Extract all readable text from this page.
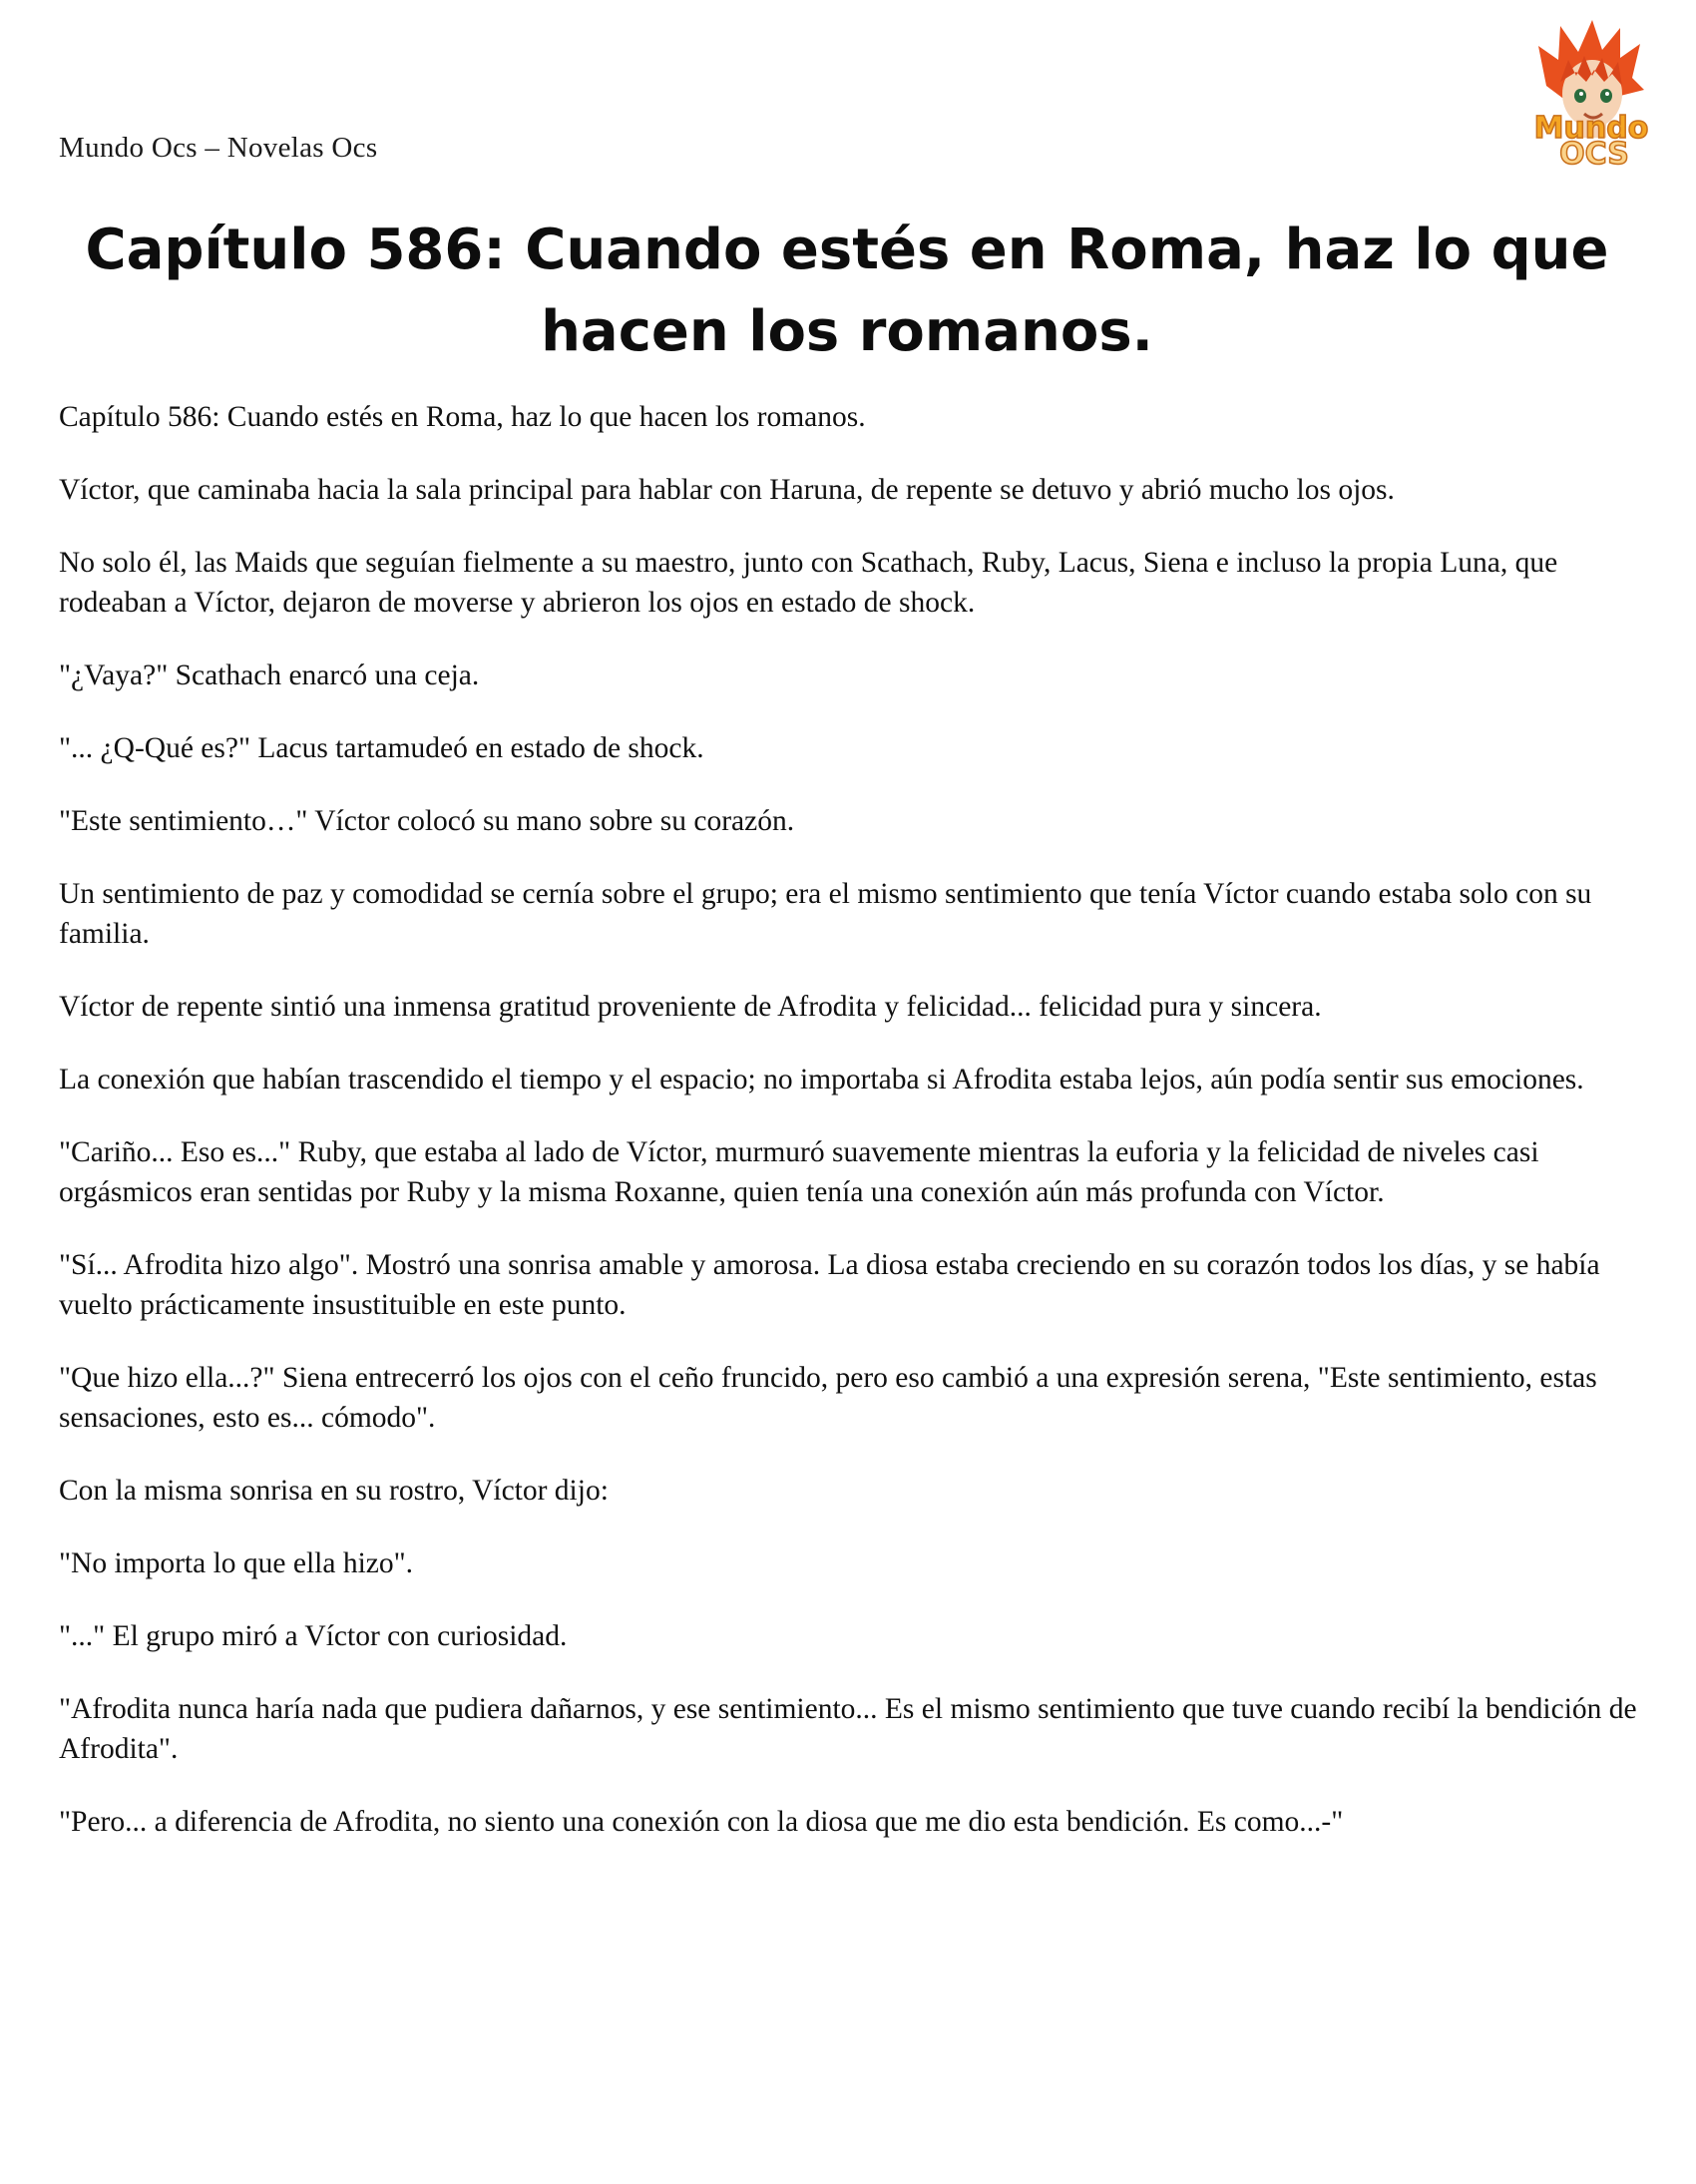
Mundo Ocs – Novelas Ocs
Mundo
OCS
Capítulo 586: Cuando estés en Roma, haz lo que hacen los romanos.

Capítulo 586: Cuando estés en Roma, haz lo que hacen los romanos.

Víctor, que caminaba hacia la sala principal para hablar con Haruna, de repente se detuvo y abrió mucho los ojos.

No solo él, las Maids que seguían fielmente a su maestro, junto con Scathach, Ruby, Lacus, Siena e incluso la propia Luna, que rodeaban a Víctor, dejaron de moverse y abrieron los ojos en estado de shock.

"¿Vaya?" Scathach enarcó una ceja.

"... ¿Q-Qué es?" Lacus tartamudeó en estado de shock.

"Este sentimiento…" Víctor colocó su mano sobre su corazón.

Un sentimiento de paz y comodidad se cernía sobre el grupo; era el mismo sentimiento que tenía Víctor cuando estaba solo con su familia.

Víctor de repente sintió una inmensa gratitud proveniente de Afrodita y felicidad... felicidad pura y sincera.

La conexión que habían trascendido el tiempo y el espacio; no importaba si Afrodita estaba lejos, aún podía sentir sus emociones.

"Cariño... Eso es..." Ruby, que estaba al lado de Víctor, murmuró suavemente mientras la euforia y la felicidad de niveles casi orgásmicos eran sentidas por Ruby y la misma Roxanne, quien tenía una conexión aún más profunda con Víctor.

"Sí... Afrodita hizo algo". Mostró una sonrisa amable y amorosa. La diosa estaba creciendo en su corazón todos los días, y se había vuelto prácticamente insustituible en este punto.

"Que hizo ella...?" Siena entrecerró los ojos con el ceño fruncido, pero eso cambió a una expresión serena, "Este sentimiento, estas sensaciones, esto es... cómodo".

Con la misma sonrisa en su rostro, Víctor dijo:

"No importa lo que ella hizo".

"..." El grupo miró a Víctor con curiosidad.

"Afrodita nunca haría nada que pudiera dañarnos, y ese sentimiento... Es el mismo sentimiento que tuve cuando recibí la bendición de Afrodita".

"Pero... a diferencia de Afrodita, no siento una conexión con la diosa que me dio esta bendición. Es como...-"
